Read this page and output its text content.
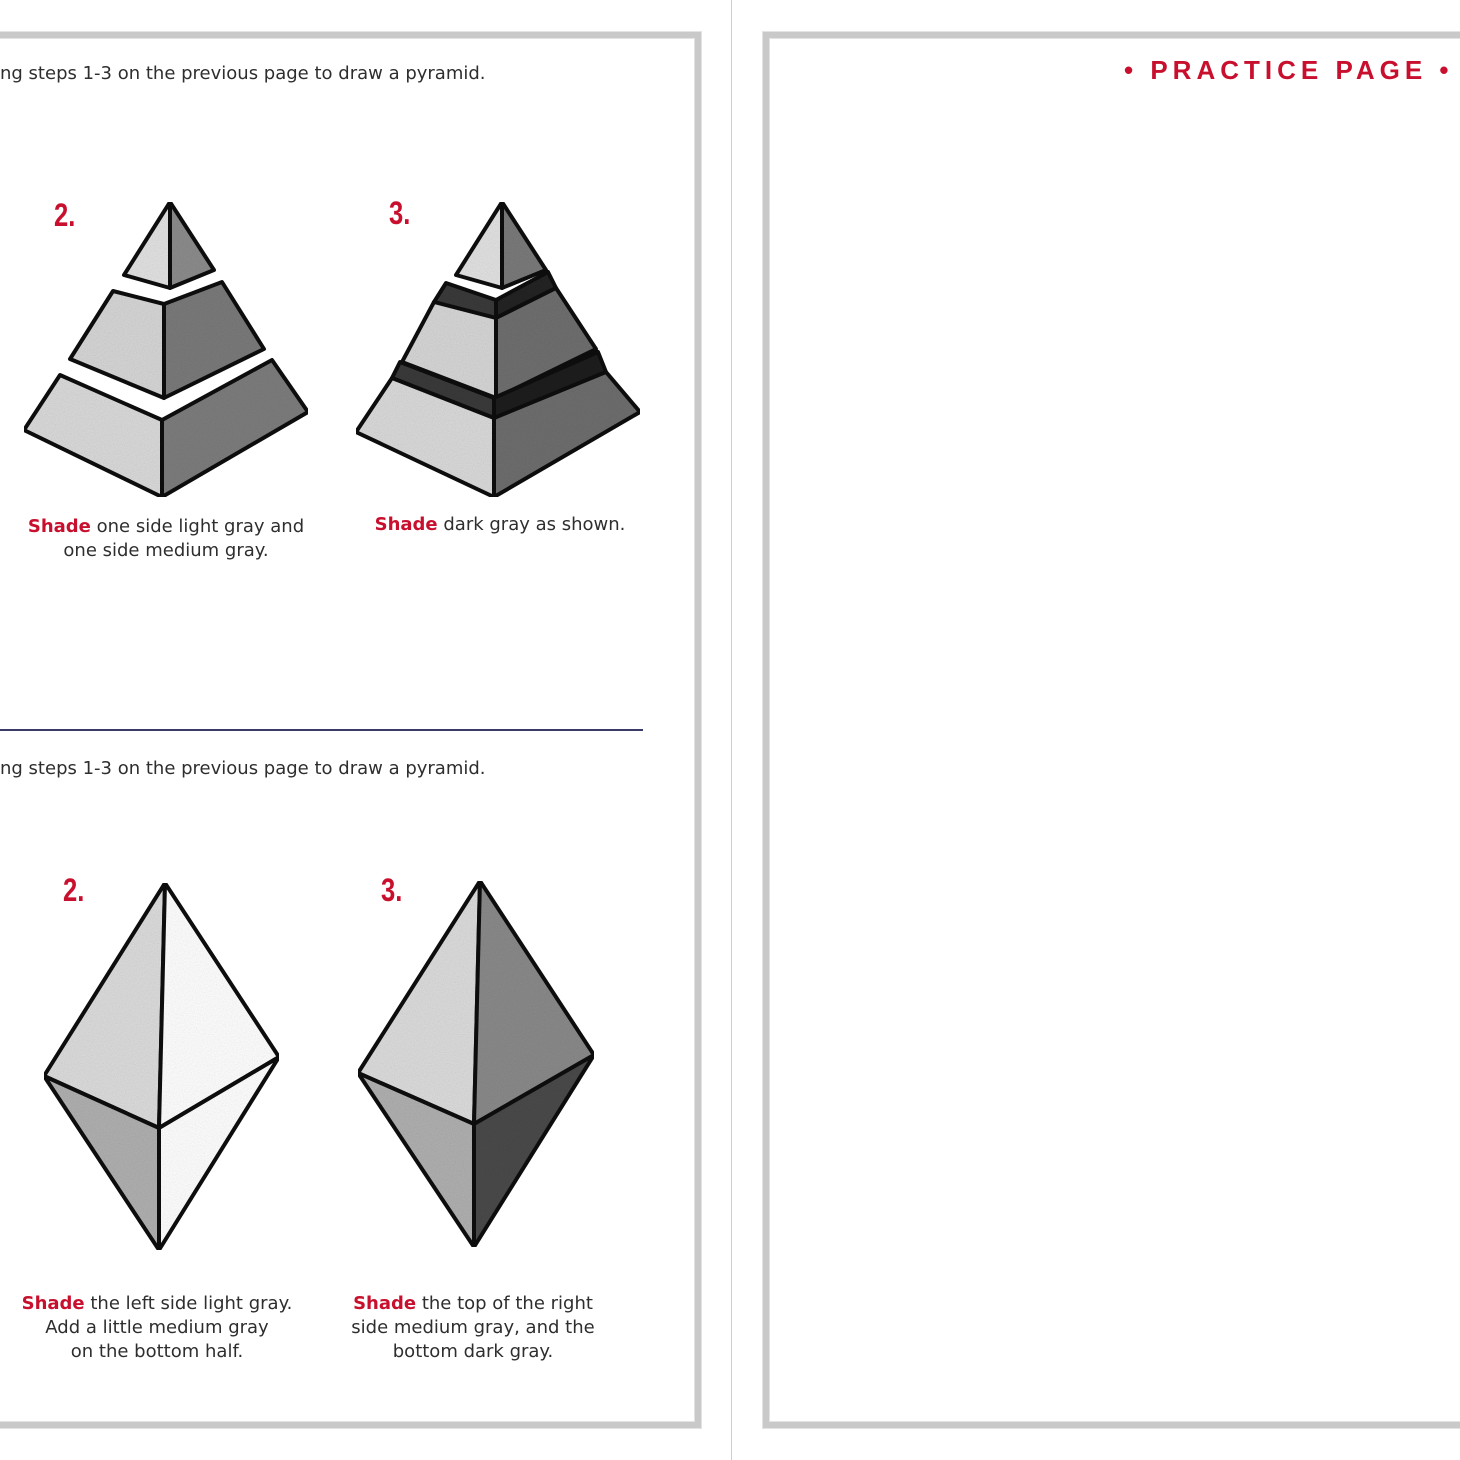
ng steps 1-3 on the previous page to draw a pyramid.
2.	3.
Shade one side light gray and
one side medium gray.
Shade dark gray as shown.
ng steps 1-3 on the previous page to draw a pyramid.
2.	3.
Shade the left side light gray.
Add a little medium gray
on the bottom half.
Shade the top of the right
side medium gray, and the
bottom dark gray.
• PRACTICE PAGE •
